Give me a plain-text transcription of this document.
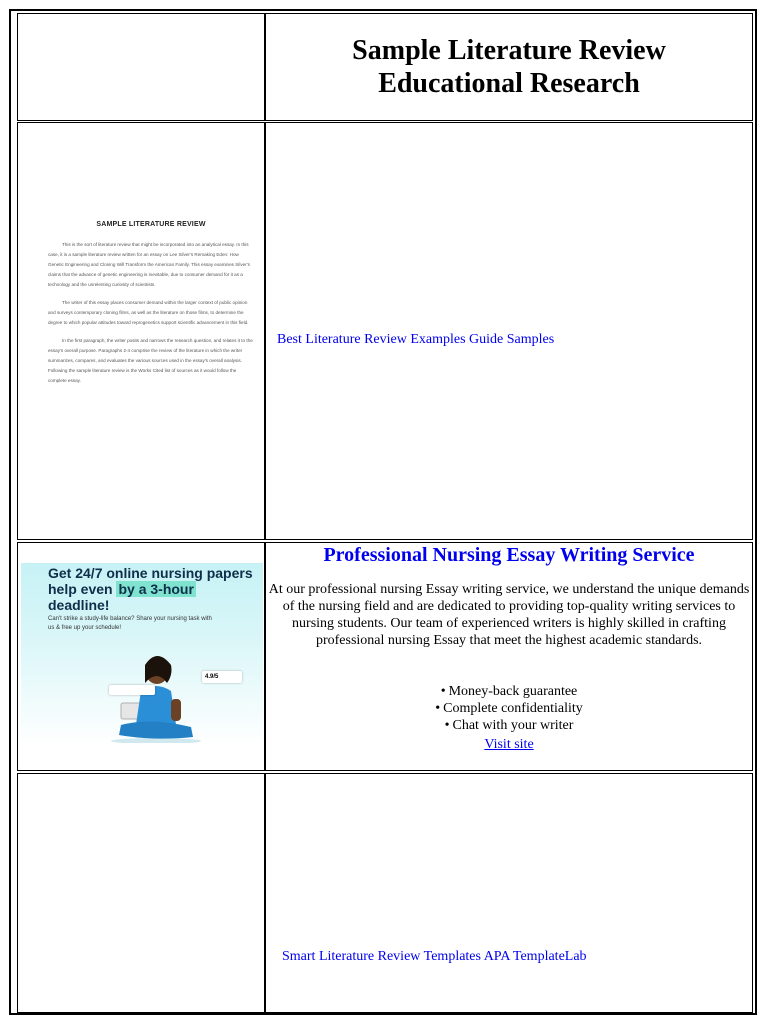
Sample Literature Review
Educational Research
SAMPLE LITERATURE REVIEW

This is the sort of literature review that might be incorporated into an analytical essay. In this case, it is a sample literature review written for an essay on Lee Silver's Remaking Eden: How Genetic Engineering and Cloning Will Transform the American Family. This essay examines Silver's claims that the advance of genetic engineering is inevitable, due to consumer demand for it as a technology and the unrelenting curiosity of scientists.

The writer of this essay places consumer demand within the larger context of public opinion and surveys contemporary cloning films, as well as the literature on those films, to determine the degree to which popular attitudes toward reprogenetics support scientific advancement in this field.

In the first paragraph, the writer posits and narrows the research question, and relates it to the essay's overall purpose. Paragraphs 2-4 comprise the review of the literature in which the writer summarizes, compares, and evaluates the various sources used in the essay's overall analysis. Following the sample literature review is the Works Cited list of sources as it would follow the complete essay.

Best Literature Review Examples Guide Samples
Get 24/7 online nursing papers help even by a 3-hour
deadline!
Can't strike a study-life balance? Share your nursing task with us & free up your schedule!
4.9/5
Professional Nursing Essay Writing Service
At our professional nursing Essay writing service, we understand the unique demands of the nursing field and are dedicated to providing top-quality writing services to nursing students. Our team of experienced writers is highly skilled in crafting professional nursing Essay that meet the highest academic standards.
• Money-back guarantee
• Complete confidentiality
• Chat with your writer
Visit site
Smart Literature Review Templates APA TemplateLab
